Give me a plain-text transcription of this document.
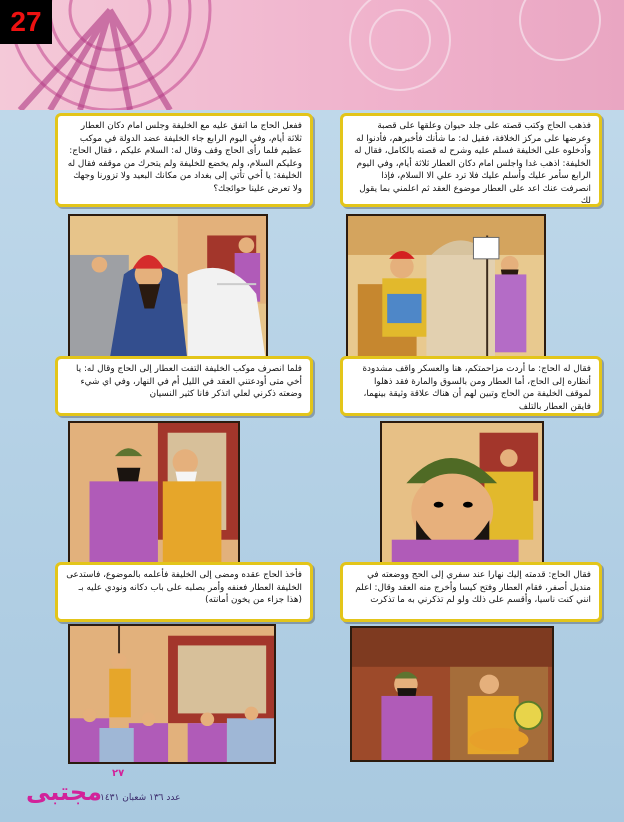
27
فذهب الحاج وكتب قصته على جلد حيوان وعلقها على قصبة وعرضها على مركز الخلافة، فقيل له: ما شأنك فأخبرهم، فأدنوا له وأدخلوه على الخليفة فسلم عليه وشرح له قصته بالكامل، فقال له الخليفة: اذهب غدا واجلس امام دكان العطار ثلاثة أيام، وفي اليوم الرابع سأمر عليك وأسلم عليك فلا ترد علي الا السلام، فإذا انصرفت عنك اعد على العطار موضوع العقد ثم اعلمني بما يقول لك
فقال له الحاج: ما أردت مزاحمتكم، هنا والعسكر واقف مشدودة أنظاره إلى الحاج، أما العطار ومن بالسوق والمارة فقد ذهلوا لموقف الخليفة من الحاج وتبين لهم أن هناك علاقة وثيقة بينهما، فايقن العطار بالتلف
فقال الحاج: قدمته إليك نهارا عند سفري إلى الحج ووضعته في منديل أصفر، فقام العطار وفتح كيسا وأخرج منه العقد وقال: اعلم انني كنت ناسيا، وأقسم على ذلك ولو لم تذكرني به ما تذكرت
ففعل الحاج ما اتفق عليه مع الخليفة وجلس امام دكان العطار ثلاثة أيام، وفي اليوم الرابع جاء الخليفة عضد الدولة في موكب عظيم فلما رأى الحاج وقف وقال له: السلام عليكم ، فقال الحاج: وعليكم السلام، ولم يخضع للخليفة ولم يتحرك من موقفه فقال له الخليفة: يا أخي تأتي إلى بغداد من مكانك البعيد ولا تزورنا وجهك ولا تعرض علينا حوائجك؟
فلما انصرف موكب الخليفة التفت العطار إلى الحاج وقال له: يا أخي متى أودعتني العقد في الليل أم في النهار، وفي اي شيء وضعته ذكرني لعلي اتذكر فانا كثير النسيان
فأخذ الحاج عقده ومضى إلى الخليفة فأعلمه بالموضوع، فاستدعى الخليفة العطار فعنفه وأمر بصلبه على باب دكانه ونودي عليه بـ (هذا جزاء من يخون أمانته)
٢٧
مجتبى
عدد ١٣٦ شعبان ١٤٣١
